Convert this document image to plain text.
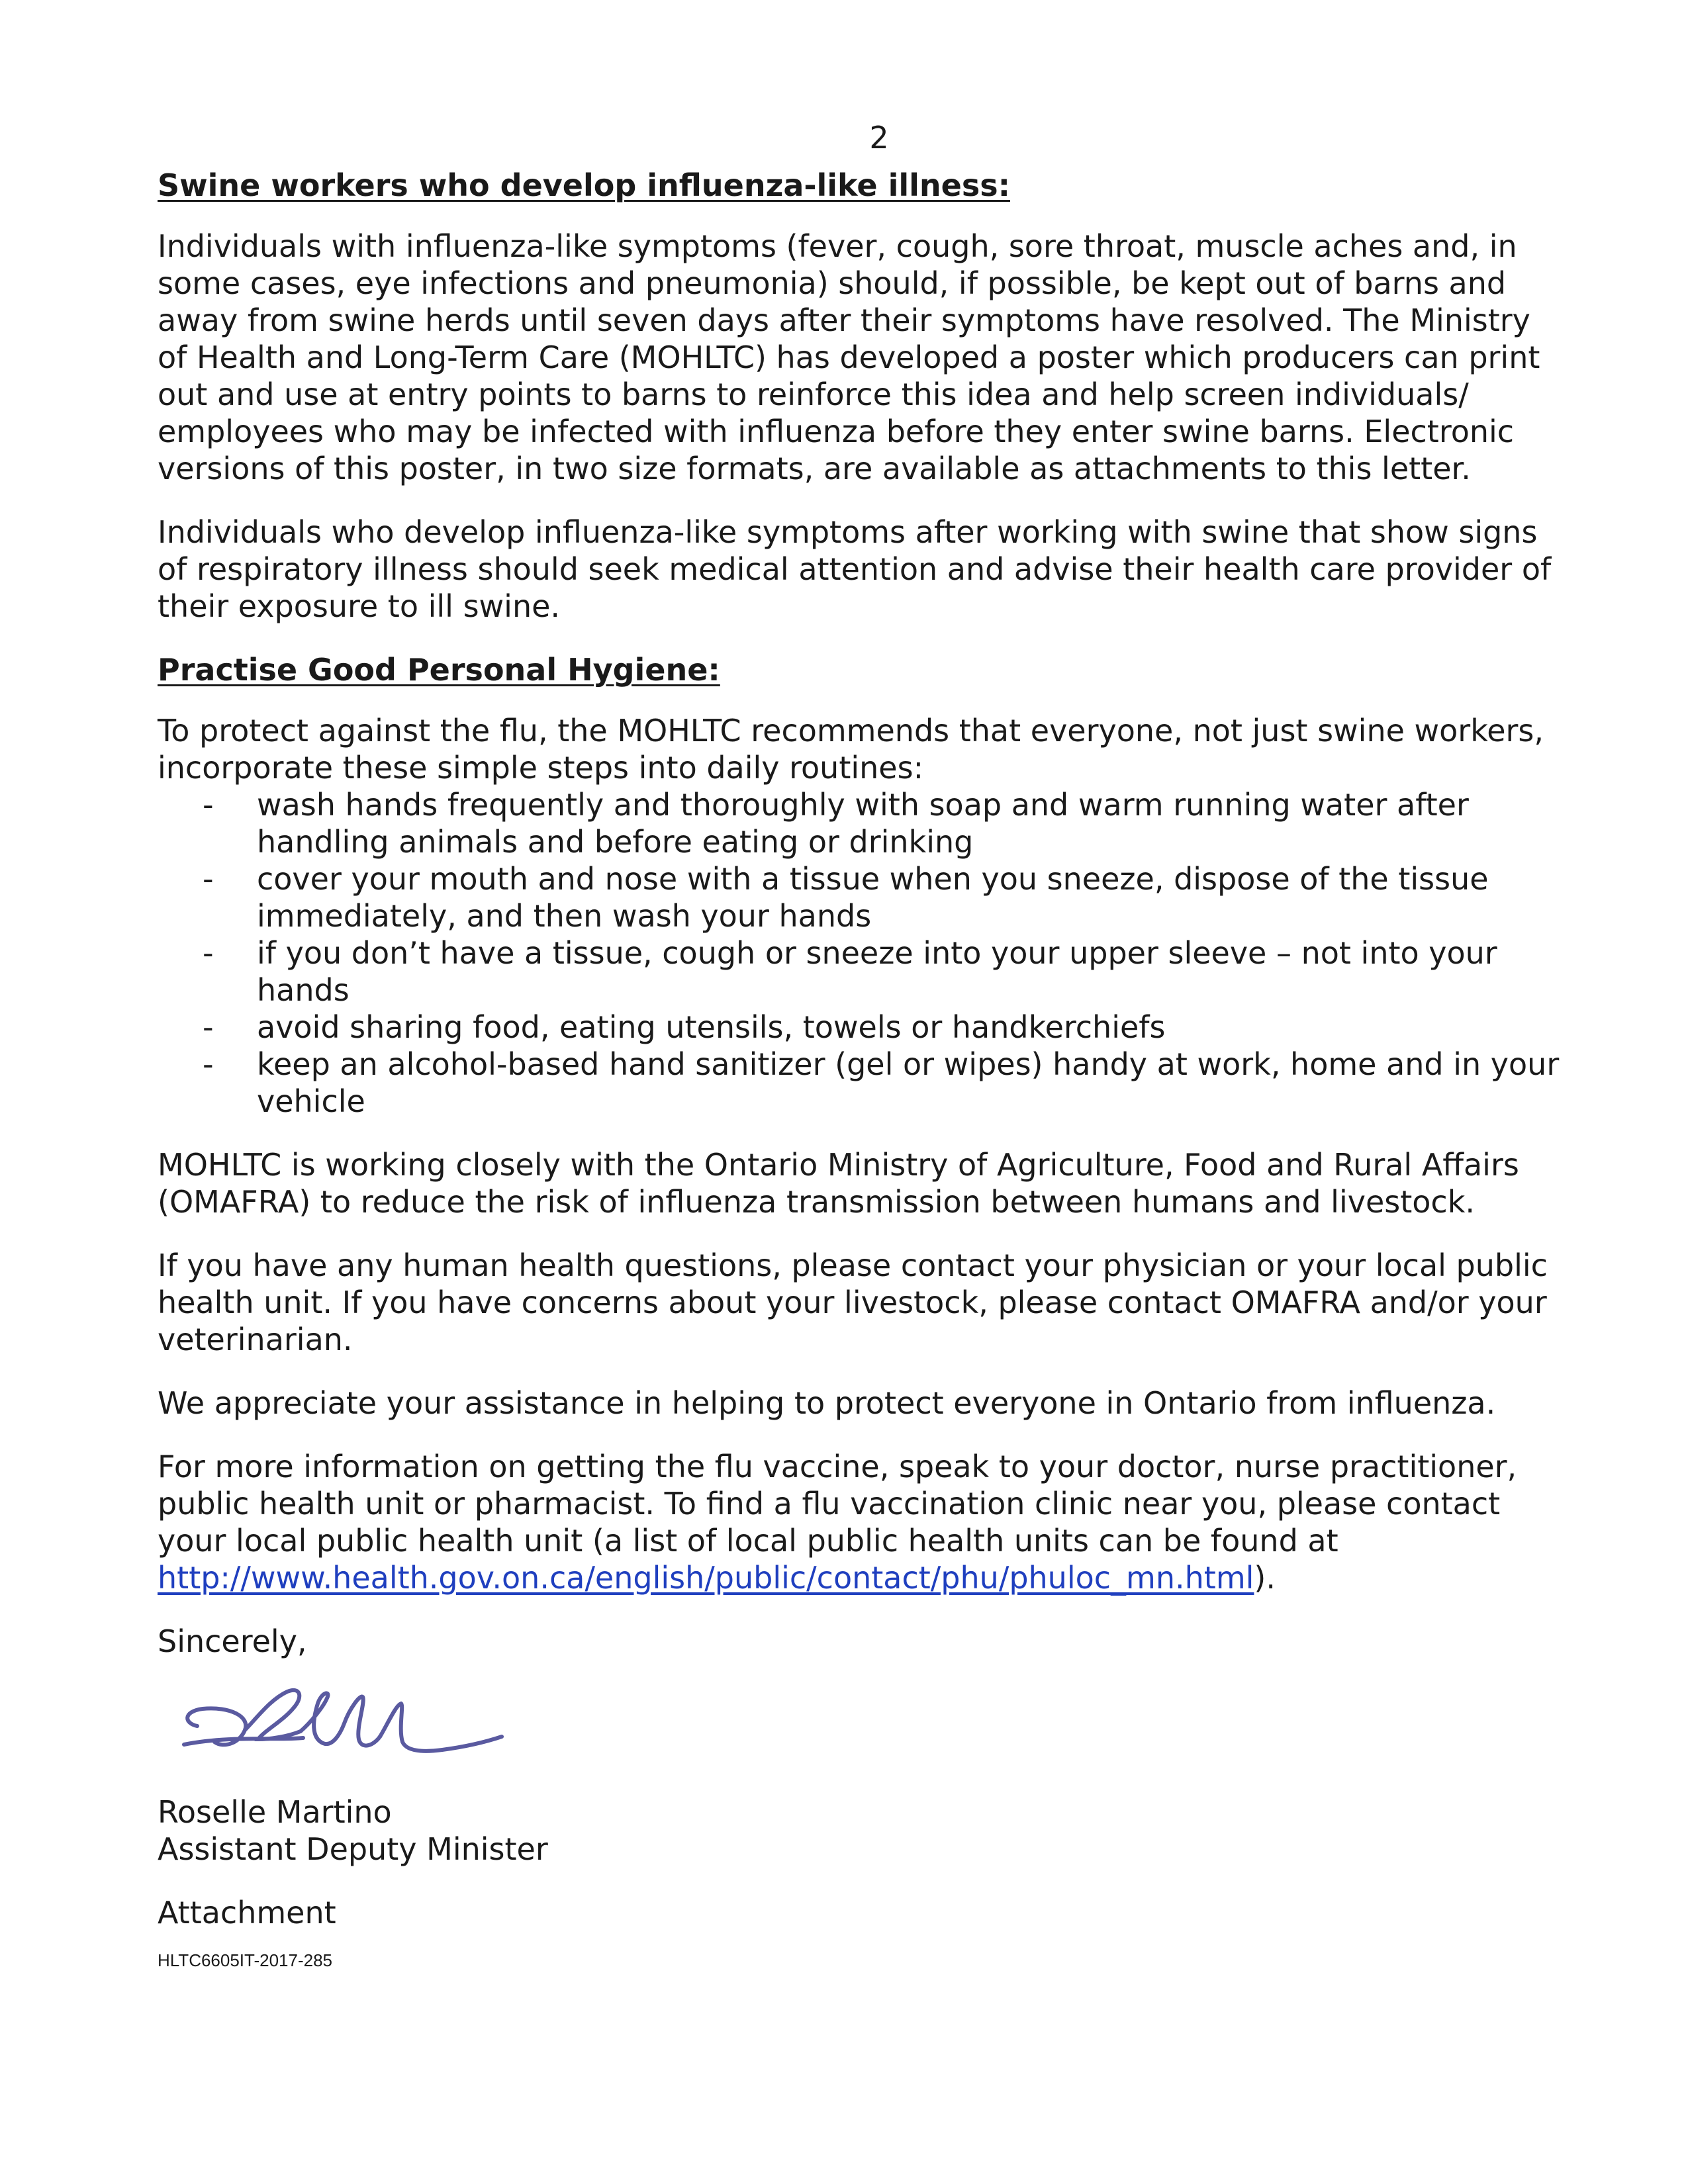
2
Swine workers who develop influenza-like illness:

Individuals with influenza-like symptoms (fever, cough, sore throat, muscle aches and, in some cases, eye infections and pneumonia) should, if possible, be kept out of barns and away from swine herds until seven days after their symptoms have resolved. The Ministry of Health and Long-Term Care (MOHLTC) has developed a poster which producers can print out and use at entry points to barns to reinforce this idea and help screen individuals/ employees who may be infected with influenza before they enter swine barns. Electronic versions of this poster, in two size formats, are available as attachments to this letter.

Individuals who develop influenza-like symptoms after working with swine that show signs of respiratory illness should seek medical attention and advise their health care provider of their exposure to ill swine.

Practise Good Personal Hygiene:

To protect against the flu, the MOHLTC recommends that everyone, not just swine workers, incorporate these simple steps into daily routines:

- wash hands frequently and thoroughly with soap and warm running water after handling animals and before eating or drinking
- cover your mouth and nose with a tissue when you sneeze, dispose of the tissue immediately, and then wash your hands
- if you don’t have a tissue, cough or sneeze into your upper sleeve – not into your hands
- avoid sharing food, eating utensils, towels or handkerchiefs
- keep an alcohol-based hand sanitizer (gel or wipes) handy at work, home and in your vehicle

MOHLTC is working closely with the Ontario Ministry of Agriculture, Food and Rural Affairs (OMAFRA) to reduce the risk of influenza transmission between humans and livestock.

If you have any human health questions, please contact your physician or your local public health unit. If you have concerns about your livestock, please contact OMAFRA and/or your veterinarian.

We appreciate your assistance in helping to protect everyone in Ontario from influenza.

For more information on getting the flu vaccine, speak to your doctor, nurse practitioner, public health unit or pharmacist. To find a flu vaccination clinic near you, please contact your local public health unit (a list of local public health units can be found at http://www.health.gov.on.ca/english/public/contact/phu/phuloc_mn.html).

Sincerely,

Roselle Martino

Assistant Deputy Minister

Attachment

HLTC6605IT-2017-285
